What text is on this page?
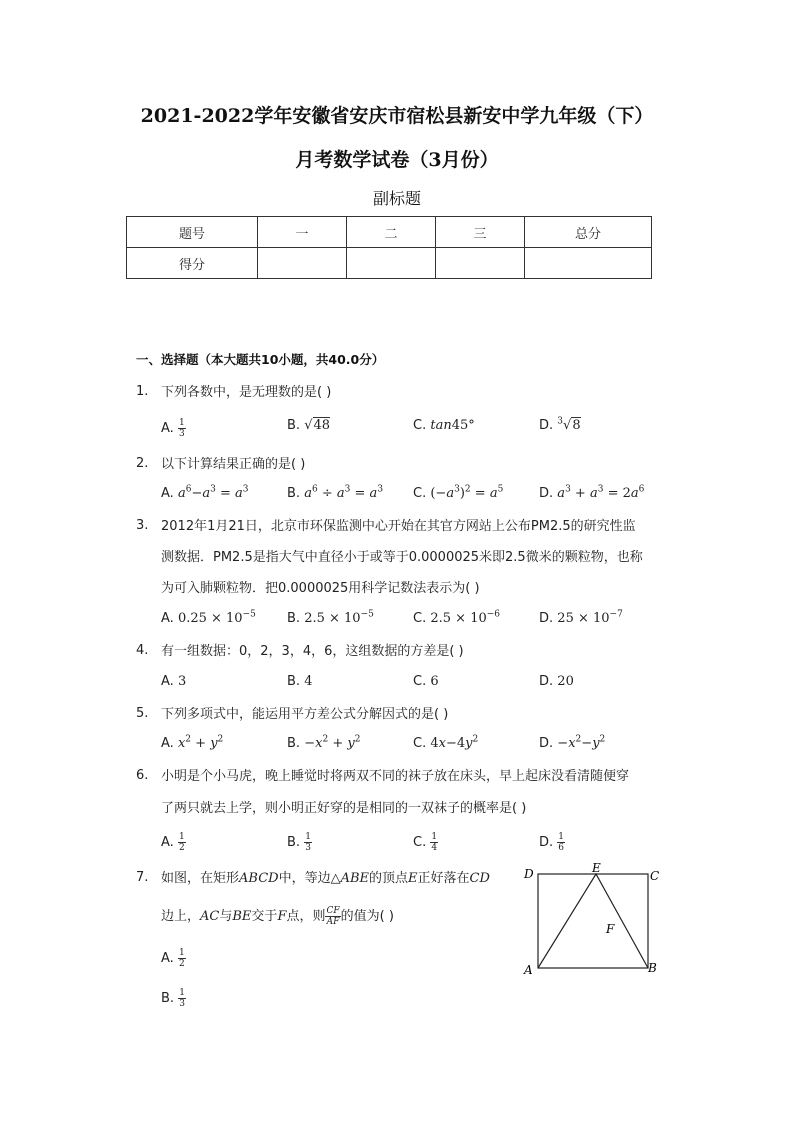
2021-2022学年安徽省安庆市宿松县新安中学九年级（下）
月考数学试卷（3月份）
副标题
题号	一	二	三	总分
得分				
一、选择题（本大题共10小题，共40.0分）
1. 下列各数中，是无理数的是( )
A. $\frac{1}{3}$	B. √48	C. tan45°	D. $^3$√8
2. 以下计算结果正确的是( )
A. $a^6-a^3 = a^3$	B. $a^6 \div a^3 = a^3$ C. $(-a^3)^2 = a^5$	D. $a^3 + a^3 = 2a^6$
3. 2012年1月21日，北京市环保监测中心开始在其官方网站上公布PM2.5的研究性监
测数据．PM2.5是指大气中直径小于或等于0.0000025米即2.5微米的颗粒物，也称
为可入肺颗粒物．把0.0000025用科学记数法表示为( )
A. $0.25 \times 10^{-5}$ B. $2.5 \times 10^{-5}$	C. $2.5 \times 10^{-6}$	D. $25 \times 10^{-7}$
4. 有一组数据：0，2，3，4，6，这组数据的方差是( )
A. 3	B. 4	C. 6	D. 20
5. 下列多项式中，能运用平方差公式分解因式的是( )
A. $x^2 + y^2$	B. $-x^2 + y^2$	C. $4x-4y^2$	D. $-x^2-y^2$
6. 小明是个小马虎，晚上睡觉时将两双不同的袜子放在床头，早上起床没看清随便穿
了两只就去上学，则小明正好穿的是相同的一双袜子的概率是( )
A. $\frac{1}{2}$	B. $\frac{1}{3}$	C. $\frac{1}{4}$	D. $\frac{1}{6}$
7. 如图，在矩形ABCD中，等边△ABE的顶点E正好落在CD
边上，AC与BE交于F点，则 $\frac{CF}{AF}$ 的值为( )
A. $\frac{1}{2}$
B. $\frac{1}{3}$
D	E
C
F
A	B
